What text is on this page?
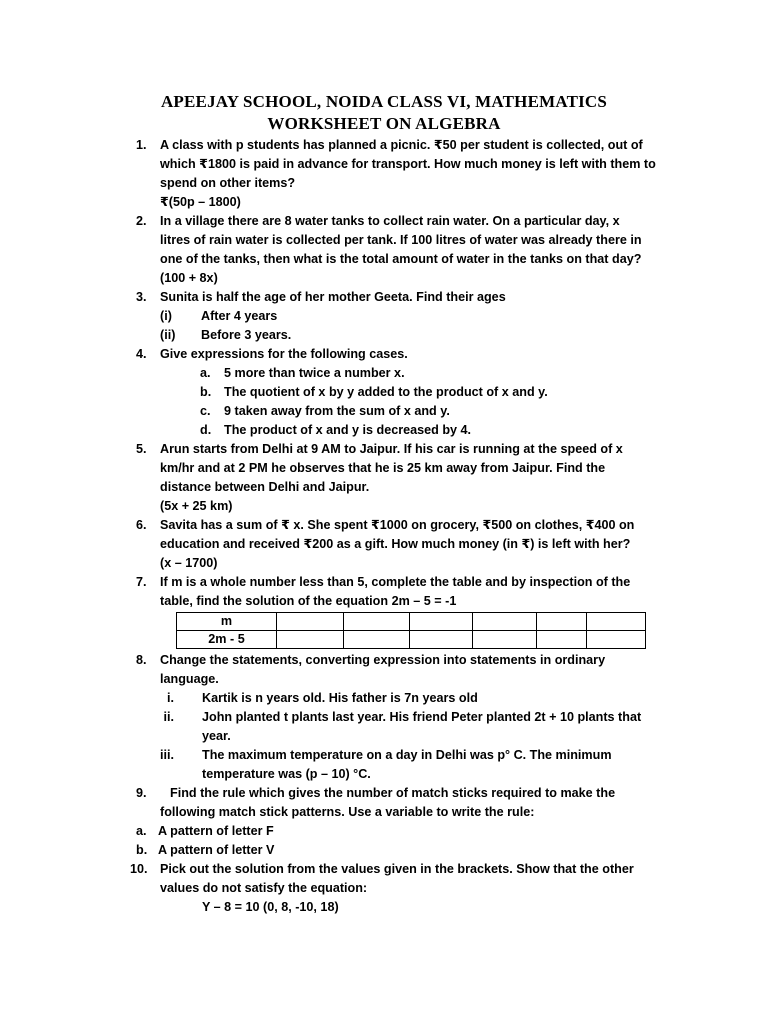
APEEJAY SCHOOL, NOIDA CLASS VI, MATHEMATICS
WORKSHEET ON ALGEBRA
1. A class with p students has planned a picnic. ₹50 per student is collected, out of
which ₹1800 is paid in advance for transport. How much money is left with them to
spend on other items?
₹(50p – 1800)
2. In a village there are 8 water tanks to collect rain water. On a particular day, x
litres of rain water is collected per tank. If 100 litres of water was already there in
one of the tanks, then what is the total amount of water in the tanks on that day?
(100 + 8x)
3. Sunita is half the age of her mother Geeta. Find their ages
(i)	After 4 years
(ii)	Before 3 years.
4. Give expressions for the following cases.
a.	5 more than twice a number x.
b.	The quotient of x by y added to the product of x and y.
c.	9 taken away from the sum of x and y.
d.	The product of x and y is decreased by 4.
5. Arun starts from Delhi at 9 AM to Jaipur. If his car is running at the speed of x
km/hr and at 2 PM he observes that he is 25 km away from Jaipur. Find the
distance between Delhi and Jaipur.
(5x + 25 km)
6. Savita has a sum of ₹ x. She spent ₹1000 on grocery, ₹500 on clothes, ₹400 on
education and received ₹200 as a gift. How much money (in ₹) is left with her?
(x – 1700)
7. If m is a whole number less than 5, complete the table and by inspection of the
table, find the solution of the equation 2m – 5 = -1
m						
2m - 5						
8. Change the statements, converting expression into statements in ordinary
language.
i.	Kartik is n years old. His father is 7n years old
ii.	John planted t plants last year. His friend Peter planted 2t + 10 plants that year.
iii.	The maximum temperature on a day in Delhi was p° C. The minimum temperature was (p – 10) °C.
9.	Find the rule which gives the number of match sticks required to make the
following match stick patterns. Use a variable to write the rule:
a. A pattern of letter F
b. A pattern of letter V
10. Pick out the solution from the values given in the brackets. Show that the other
values do not satisfy the equation:
Y – 8 = 10 (0, 8, -10, 18)
